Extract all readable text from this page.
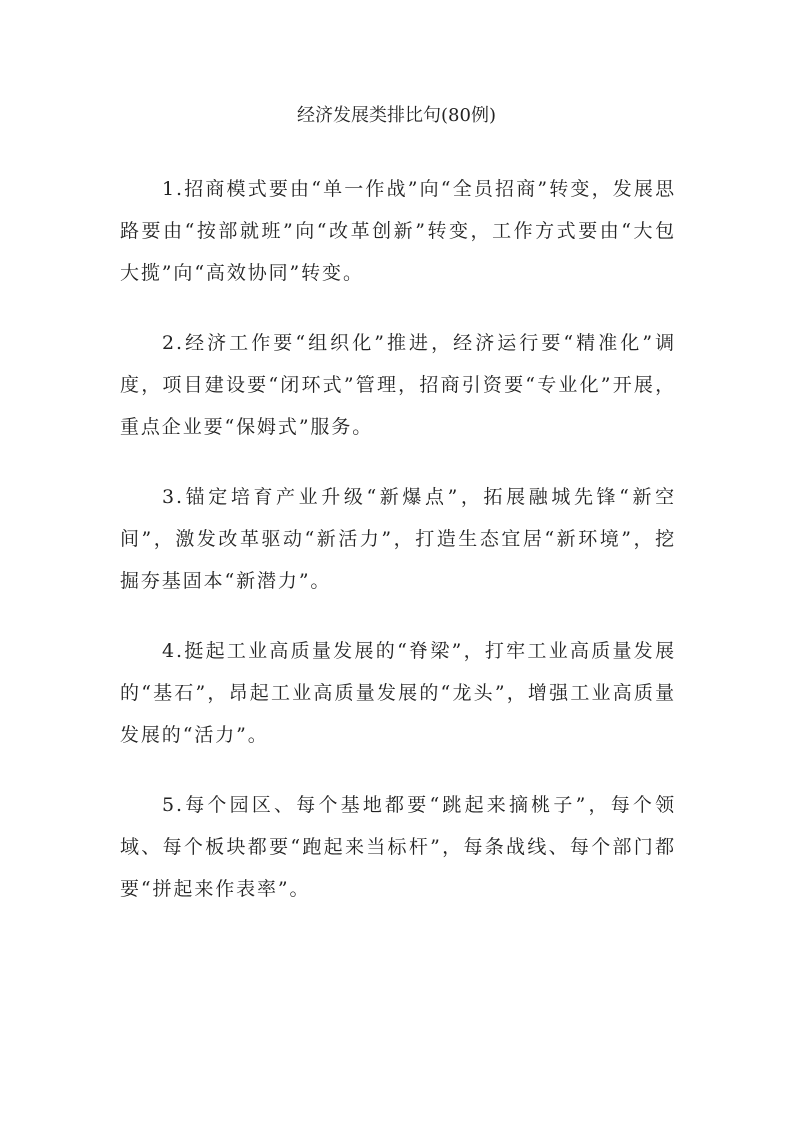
经济发展类排比句(80例)

1.招商模式要由“单一作战”向“全员招商”转变，发展思路要由“按部就班”向“改革创新”转变，工作方式要由“大包大揽”向“高效协同”转变。

2.经济工作要“组织化”推进，经济运行要“精准化”调度，项目建设要“闭环式”管理，招商引资要“专业化”开展，重点企业要“保姆式”服务。

3.锚定培育产业升级“新爆点”，拓展融城先锋“新空间”，激发改革驱动“新活力”，打造生态宜居“新环境”，挖掘夯基固本“新潜力”。

4.挺起工业高质量发展的“脊梁”，打牢工业高质量发展的“基石”，昂起工业高质量发展的“龙头”，增强工业高质量发展的“活力”。

5.每个园区、每个基地都要“跳起来摘桃子”，每个领域、每个板块都要“跑起来当标杆”，每条战线、每个部门都要“拼起来作表率”。
